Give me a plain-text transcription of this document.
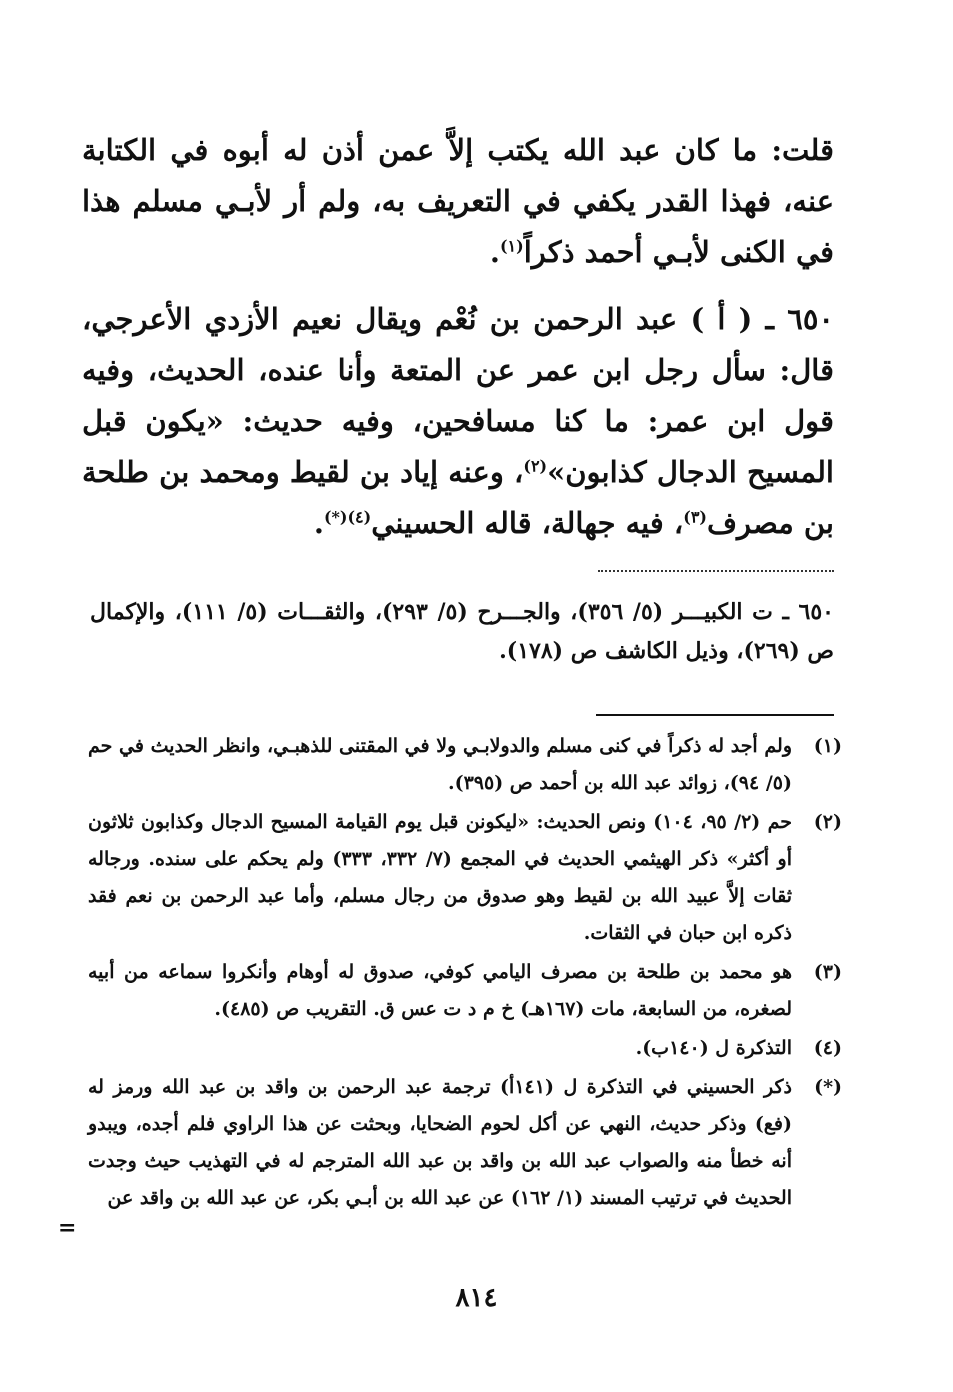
قلت: ما كان عبد الله يكتب إلاَّ عمن أذن له أبوه في الكتابة عنه، فهذا القدر يكفي في التعريف به، ولم أر لأبـي مسلم هذا في الكنى لأبـي أحمد ذكراً$^{(١)}$.

٦٥٠ ـ ( أ ) عبد الرحمن بن نُعْم ويقال نعيم الأزدي الأعرجي، قال: سأل رجل ابن عمر عن المتعة وأنا عنده، الحديث، وفيه قول ابن عمر: ما كنا مسافحين، وفيه حديث: «يكون قبل المسيح الدجال كذابون»$^{(٢)}$، وعنه إياد بن لقيط ومحمد بن طلحة بن مصرف$^{(٣)}$، فيه جهالة، قاله الحسيني$^{(٤)(*)}$.

٦٥٠ ـ ت الكبيـــر (٥/ ٣٥٦)، والجـــرح (٥/ ٢٩٣)، والثقـــات (٥/ ١١١)، والإكمال ص (٢٦٩)، وذيل الكاشف ص (١٧٨).

(١)
ولم أجد له ذكراً في كنى مسلم والدولابـي ولا في المقتنى للذهبـي، وانظر الحديث في حم (٥/ ٩٤)، زوائد عبد الله بن أحمد ص (٣٩٥).
(٢)
حم (٢/ ٩٥، ١٠٤) ونص الحديث: «ليكونن قبل يوم القيامة المسيح الدجال وكذابون ثلاثون أو أكثر» ذكر الهيثمي الحديث في المجمع (٧/ ٣٣٢، ٣٣٣) ولم يحكم على سنده. ورجاله ثقات إلاَّ عبيد الله بن لقيط وهو صدوق من رجال مسلم، وأما عبد الرحمن بن نعم فقد ذكره ابن حبان في الثقات.
(٣)
هو محمد بن طلحة بن مصرف اليامي كوفي، صدوق له أوهام وأنكروا سماعه من أبيه لصغره، من السابعة، مات (١٦٧هـ) خ م د ت عس ق. التقريب ص (٤٨٥).
(٤)
التذكرة ل (١٤٠ب).
(*)
ذكر الحسيني في التذكرة ل (١٤١أ) ترجمة عبد الرحمن بن واقد بن عبد الله ورمز له (فع) وذكر حديث، النهي عن أكل لحوم الضحايا، وبحثت عن هذا الراوي فلم أجده، ويبدو أنه خطأ منه والصواب عبد الله بن واقد بن عبد الله المترجم له في التهذيب حيث وجدت الحديث في ترتيب المسند (١/ ١٦٢) عن عبد الله بن أبـي بكر، عن عبد الله بن واقد عن
=
٨١٤
